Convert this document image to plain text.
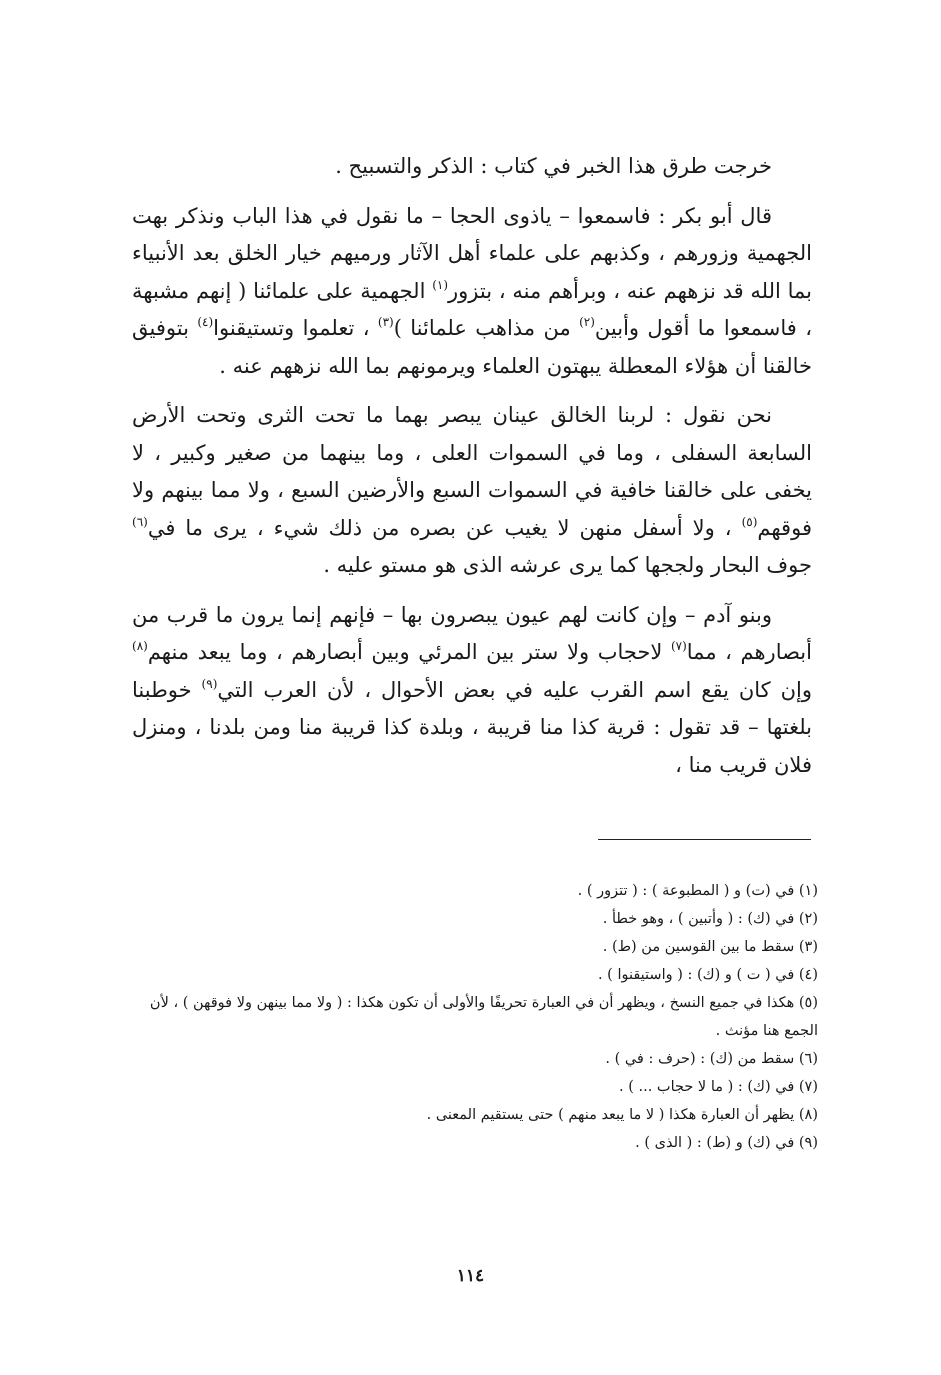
خرجت طرق هذا الخبر في كتاب : الذكر والتسبيح .

قال أبو بكر : فاسمعوا – ياذوى الحجا – ما نقول في هذا الباب ونذكر بهت الجهمية وزورهم ، وكذبهم على علماء أهل الآثار ورميهم خيار الخلق بعد الأنبياء بما الله قد نزههم عنه ، وبرأهم منه ، بتزور$^{(١)}$ الجهمية على علمائنا ( إنهم مشبهة ، فاسمعوا ما أقول وأبين$^{(٢)}$ من مذاهب علمائنا )$^{(٣)}$ ، تعلموا وتستيقنوا$^{(٤)}$ بتوفيق خالقنا أن هؤلاء المعطلة يبهتون العلماء ويرمونهم بما الله نزههم عنه .

نحن نقول : لربنا الخالق عينان يبصر بهما ما تحت الثرى وتحت الأرض السابعة السفلى ، وما في السموات العلى ، وما بينهما من صغير وكبير ، لا يخفى على خالقنا خافية في السموات السبع والأرضين السبع ، ولا مما بينهم ولا فوقهم$^{(٥)}$ ، ولا أسفل منهن لا يغيب عن بصره من ذلك شيء ، يرى ما في$^{(٦)}$ جوف البحار ولججها كما يرى عرشه الذى هو مستو عليه .

وبنو آدم – وإن كانت لهم عيون يبصرون بها – فإنهم إنما يرون ما قرب من أبصارهم ، مما$^{(٧)}$ لاحجاب ولا ستر بين المرئي وبين أبصارهم ، وما يبعد منهم$^{(٨)}$ وإن كان يقع اسم القرب عليه في بعض الأحوال ، لأن العرب التي$^{(٩)}$ خوطبنا بلغتها – قد تقول : قرية كذا منا قريبة ، وبلدة كذا قريبة منا ومن بلدنا ، ومنزل فلان قريب منا ،

(١) في (ت) و ( المطبوعة ) : ( تتزور ) .
(٢) في (ك) : ( وأتبين ) ، وهو خطأ .
(٣) سقط ما بين القوسين من (ط) .
(٤) في ( ت ) و (ك) : ( واستيقنوا ) .
(٥) هكذا في جميع النسخ ، ويظهر أن في العبارة تحريفًا والأولى أن تكون هكذا : ( ولا مما بينهن ولا فوقهن ) ، لأن الجمع هنا مؤنث .
(٦) سقط من (ك) : (حرف : في ) .
(٧) في (ك) : ( ما لا حجاب ... ) .
(٨) يظهر أن العبارة هكذا ( لا ما يبعد منهم ) حتى يستقيم المعنى .
(٩) في (ك) و (ط) : ( الذى ) .
١١٤
